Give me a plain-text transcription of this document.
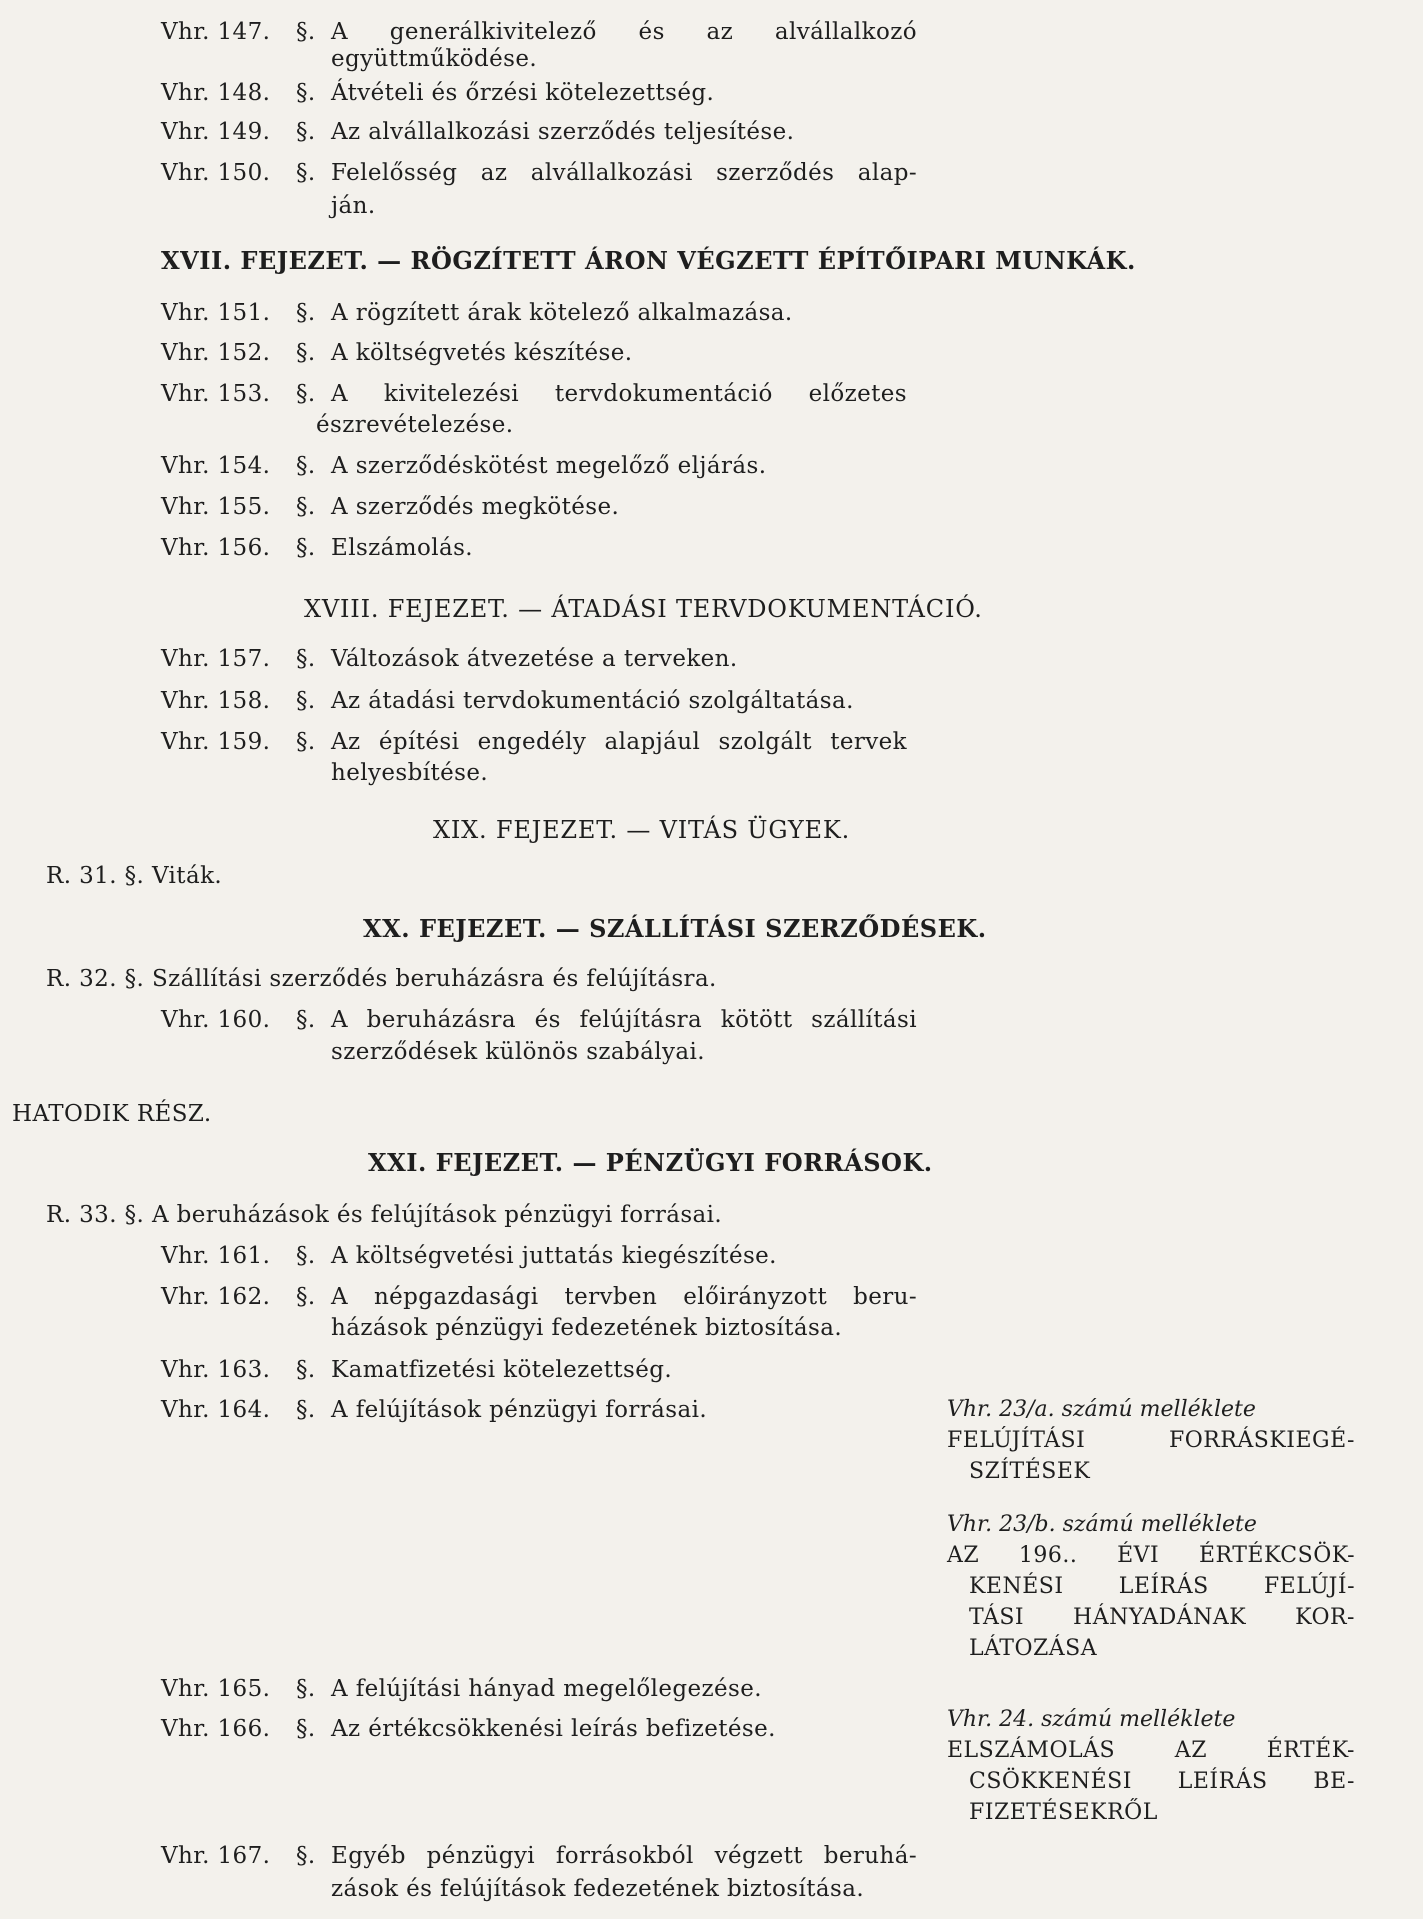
Vhr. 147.	§. A generálkivitelező és az alvállalkozó
együttműködése.
Vhr. 148.	§. Átvételi és őrzési kötelezettség.
Vhr. 149.	§. Az alvállalkozási szerződés teljesítése.
Vhr. 150.	§. Felelősség az alvállalkozási szerződés alap-
ján.
XVII. FEJEZET. — RÖGZÍTETT ÁRON VÉGZETT ÉPÍTŐIPARI MUNKÁK.
Vhr. 151.	§. A rögzített árak kötelező alkalmazása.
Vhr. 152.	§. A költségvetés készítése.
Vhr. 153.	§. A kivitelezési tervdokumentáció előzetes
észrevételezése.
Vhr. 154.	§. A szerződéskötést megelőző eljárás.
Vhr. 155.	§. A szerződés megkötése.
Vhr. 156.	§. Elszámolás.
XVIII. FEJEZET. — ÁTADÁSI TERVDOKUMENTÁCIÓ.
Vhr. 157.	§. Változások átvezetése a terveken.
Vhr. 158.	§. Az átadási tervdokumentáció szolgáltatása.
Vhr. 159.	§. Az építési engedély alapjául szolgált tervek
helyesbítése.
XIX. FEJEZET. — VITÁS ÜGYEK.
R. 31. §. Viták.
XX. FEJEZET. — SZÁLLÍTÁSI SZERZŐDÉSEK.
R. 32. §. Szállítási szerződés beruházásra és felújításra.
Vhr. 160.	§. A beruházásra és felújításra kötött szállítási
szerződések különös szabályai.
HATODIK RÉSZ.
XXI. FEJEZET. — PÉNZÜGYI FORRÁSOK.
R. 33. §. A beruházások és felújítások pénzügyi forrásai.
Vhr. 161.	§. A költségvetési juttatás kiegészítése.
Vhr. 162.	§. A népgazdasági tervben előirányzott beru-
házások pénzügyi fedezetének biztosítása.
Vhr. 163.	§. Kamatfizetési kötelezettség.
Vhr. 164.	§. A felújítások pénzügyi forrásai.	Vhr. 23/a. számú melléklete
FELÚJÍTÁSI FORRÁSKIEGÉ-
SZÍTÉSEK
Vhr. 23/b. számú melléklete
AZ 196.. ÉVI ÉRTÉKCSÖK-
KENÉSI LEÍRÁS FELÚJÍ-
TÁSI HÁNYADÁNAK KOR-
LÁTOZÁSA
Vhr. 165.	§. A felújítási hányad megelőlegezése.
Vhr. 166.	§. Az értékcsökkenési leírás befizetése.	Vhr. 24. számú melléklete
ELSZÁMOLÁS AZ ÉRTÉK-
CSÖKKENÉSI LEÍRÁS BE-
FIZETÉSEKRŐL
Vhr. 167.	§. Egyéb pénzügyi forrásokból végzett beruhá-
zások és felújítások fedezetének biztosítása.
